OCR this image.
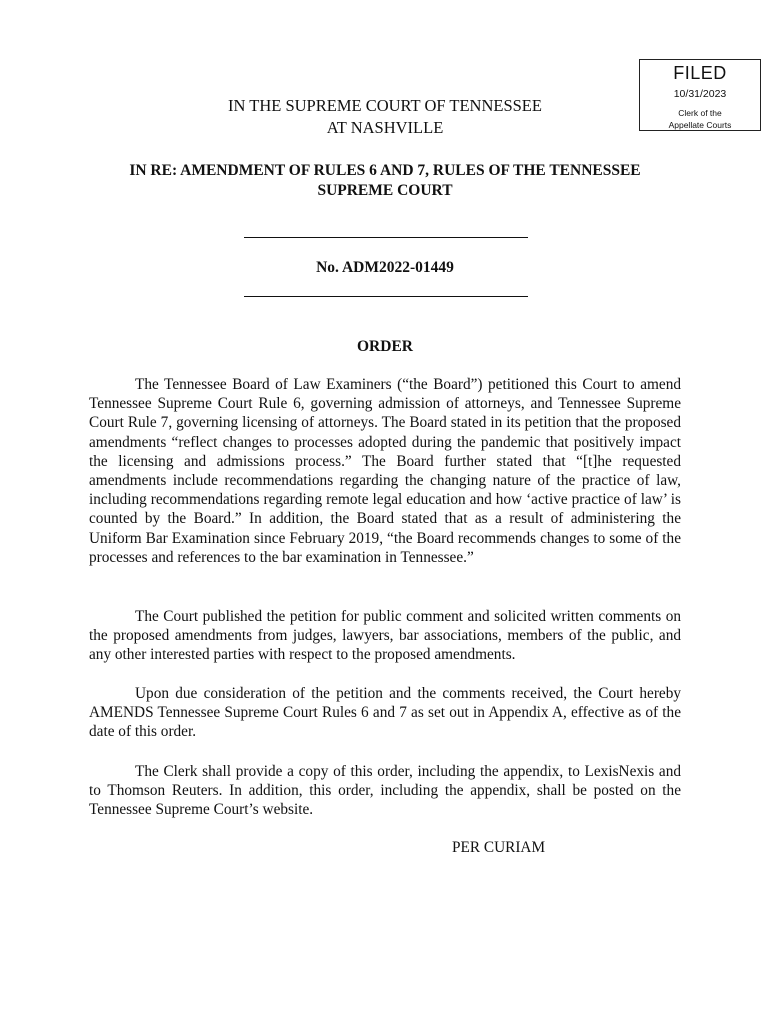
FILED
10/31/2023
Clerk of the
Appellate Courts
IN THE SUPREME COURT OF TENNESSEE
AT NASHVILLE
IN RE: AMENDMENT OF RULES 6 AND 7, RULES OF THE TENNESSEE
SUPREME COURT
No. ADM2022-01449
ORDER

The Tennessee Board of Law Examiners (“the Board”) petitioned this Court to amend Tennessee Supreme Court Rule 6, governing admission of attorneys, and Tennessee Supreme Court Rule 7, governing licensing of attorneys. The Board stated in its petition that the proposed amendments “reflect changes to processes adopted during the pandemic that positively impact the licensing and admissions process.” The Board further stated that “[t]he requested amendments include recommendations regarding the changing nature of the practice of law, including recommendations regarding remote legal education and how ‘active practice of law’ is counted by the Board.” In addition, the Board stated that as a result of administering the Uniform Bar Examination since February 2019, “the Board recommends changes to some of the processes and references to the bar examination in Tennessee.”

The Court published the petition for public comment and solicited written comments on the proposed amendments from judges, lawyers, bar associations, members of the public, and any other interested parties with respect to the proposed amendments.

Upon due consideration of the petition and the comments received, the Court hereby AMENDS Tennessee Supreme Court Rules 6 and 7 as set out in Appendix A, effective as of the date of this order.

The Clerk shall provide a copy of this order, including the appendix, to LexisNexis and to Thomson Reuters. In addition, this order, including the appendix, shall be posted on the Tennessee Supreme Court’s website.

PER CURIAM
